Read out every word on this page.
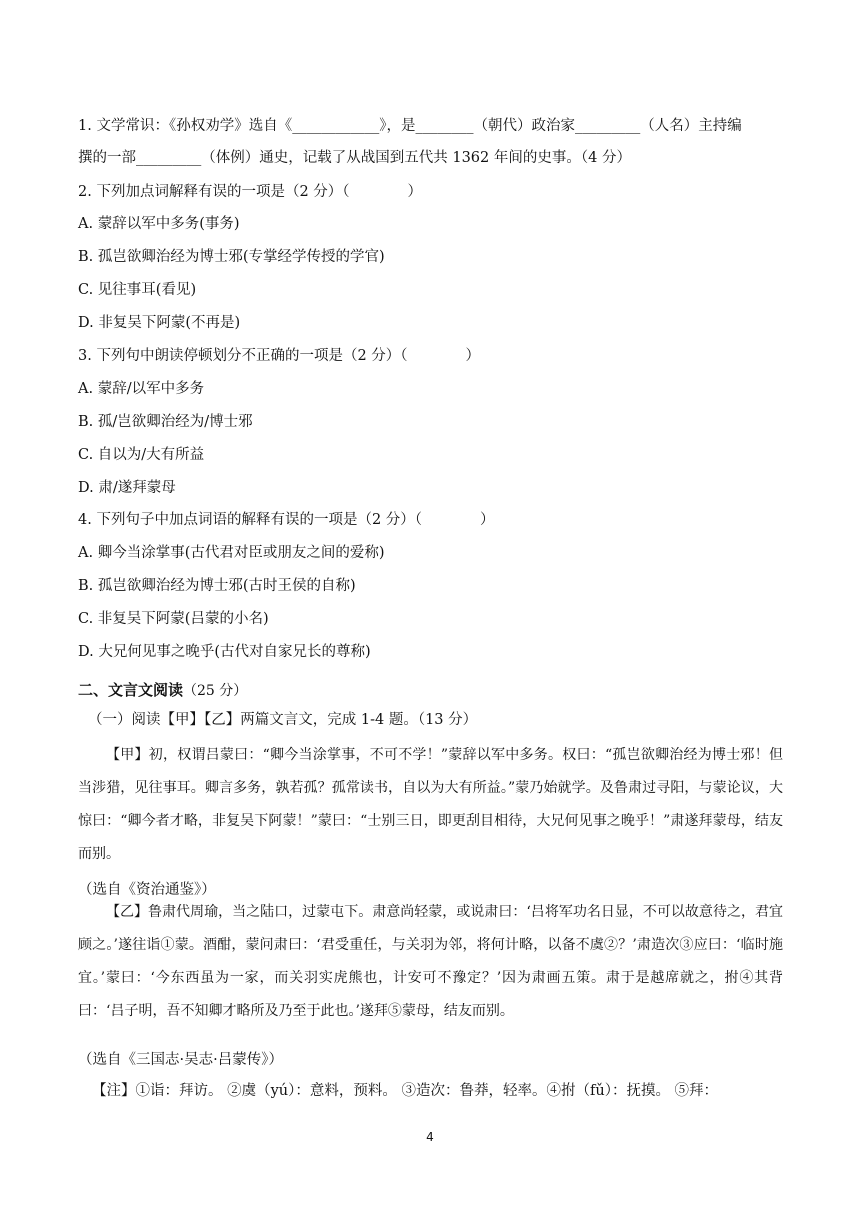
1. 文学常识：《孙权劝学》选自《____________》，是________（朝代）政治家_________（人名）主持编
撰的一部_________（体例）通史，记载了从战国到五代共 1362 年间的史事。（4 分）
2. 下列加点词解释有误的一项是（2 分）（　　　　）
A. 蒙辞以军中多务(事务)
B. 孤岂欲卿治经为博士邪(专掌经学传授的学官)
C. 见往事耳(看见)
D. 非复吴下阿蒙(不再是)
3. 下列句中朗读停顿划分不正确的一项是（2 分）（　　　　）
A. 蒙辞/以军中多务
B. 孤/岂欲卿治经为/博士邪
C. 自以为/大有所益
D. 肃/遂拜蒙母
4. 下列句子中加点词语的解释有误的一项是（2 分）（　　　　）
A. 卿今当涂掌事(古代君对臣或朋友之间的爱称)
B. 孤岂欲卿治经为博士邪(古时王侯的自称)
C. 非复吴下阿蒙(吕蒙的小名)
D. 大兄何见事之晚乎(古代对自家兄长的尊称)
二、文言文阅读（25 分）
（一）阅读【甲】【乙】两篇文言文，完成 1-4 题。（13 分）
【甲】初，权谓吕蒙曰：“卿今当涂掌事，不可不学！”蒙辞以军中多务。权曰：“孤岂欲卿治经为博士邪！但当涉猎，见往事耳。卿言多务，孰若孤？孤常读书，自以为大有所益。”蒙乃始就学。及鲁肃过寻阳，与蒙论议，大惊曰：“卿今者才略，非复吴下阿蒙！”蒙曰：“士别三日，即更刮目相待，大兄何见事之晚乎！”肃遂拜蒙母，结友而别。
（选自《资治通鉴》）
【乙】鲁肃代周瑜，当之陆口，过蒙屯下。肃意尚轻蒙，或说肃曰：‘吕将军功名日显，不可以故意待之，君宜顾之。’遂往诣①蒙。酒酣，蒙问肃曰：‘君受重任，与关羽为邻，将何计略，以备不虞②？’肃造次③应曰：‘临时施宜。’蒙曰：‘今东西虽为一家，而关羽实虎熊也，计安可不豫定？’因为肃画五策。肃于是越席就之，拊④其背曰：‘吕子明，吾不知卿才略所及乃至于此也。’遂拜⑤蒙母，结友而别。
（选自《三国志·吴志·吕蒙传》）
【注】①诣：拜访。 ②虞（yú）：意料，预料。 ③造次：鲁莽，轻率。④拊（fǔ）：抚摸。 ⑤拜：
4
